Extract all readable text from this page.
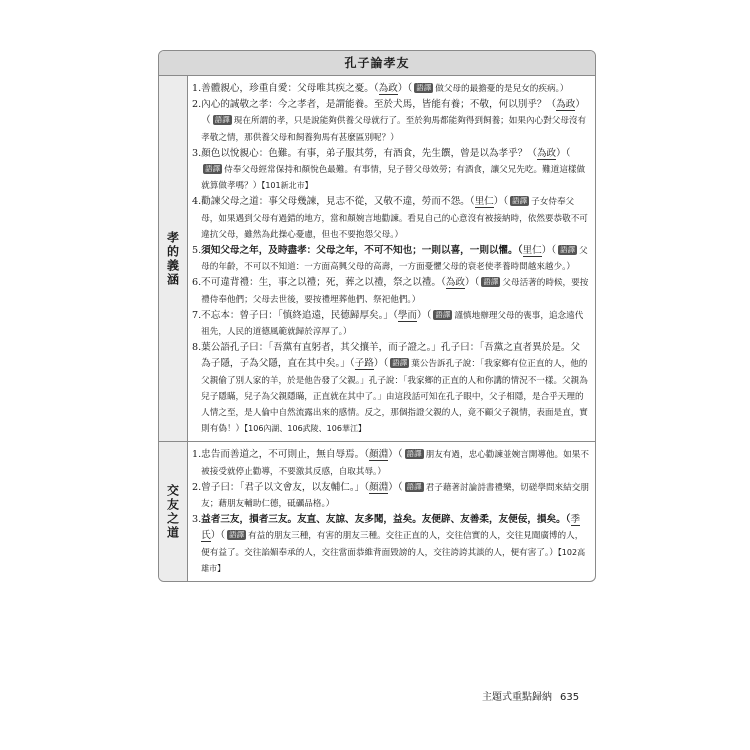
孔子論孝友
孝的義涵
1. 善體親心，珍重自愛：父母唯其疾之憂。（為政）（ 語譯 做父母的最擔憂的是兒女的疾病。）
2. 內心的誠敬之孝：今之孝者，是謂能養。至於犬馬，皆能有養；不敬，何以別乎？（為政）（ 語譯 現在所謂的孝，只是說能夠供養父母就行了。至於狗馬都能夠得到飼養；如果內心對父母沒有孝敬之情，那供養父母和飼養狗馬有甚麼區別呢？）
3. 顏色以悅親心：色難。有事，弟子服其勞，有酒食，先生饌，曾是以為孝乎？（為政）（語譯 侍奉父母經常保持和顏悅色最難。有事情，兒子替父母效勞；有酒食，讓父兄先吃。難道這樣做就算做孝嗎？）【101新北市】
4. 勸諫父母之道：事父母幾諫，見志不從，又敬不違，勞而不怨。（里仁）（ 語譯 子女侍奉父母，如果遇到父母有過錯的地方，當和顏婉言地勸諫。看見自己的心意沒有被接納時，依然要恭敬不可違抗父母，雖然為此操心憂慮，但也不要抱怨父母。）
5. 須知父母之年，及時盡孝：父母之年，不可不知也；一則以喜，一則以懼。（里仁）（ 語譯 父母的年齡，不可以不知道：一方面高興父母的高壽，一方面憂懼父母的衰老使孝養時間越來越少。）
6. 不可違背禮：生，事之以禮；死，葬之以禮，祭之以禮。（為政）（ 語譯 父母活著的時候，要按禮侍奉他們；父母去世後，要按禮埋葬他們、祭祀他們。）
7. 不忘本：曾子曰：「慎終追遠，民德歸厚矣。」（學而）（ 語譯 謹慎地辦理父母的喪事，追念遠代祖先，人民的道德風範就歸於淳厚了。）
8. 葉公語孔子曰：「吾黨有直躬者，其父攘羊，而子證之。」孔子曰：「吾黨之直者異於是。父為子隱，子為父隱，直在其中矣。」（子路）（ 語譯 葉公告訴孔子說：「我家鄉有位正直的人，他的父親偷了別人家的羊，於是他告發了父親。」孔子說：「我家鄉的正直的人和你講的情況不一樣。父親為兒子隱瞞，兒子為父親隱瞞，正直就在其中了。」由這段話可知在孔子眼中，父子相隱，是合乎天理的人情之至，是人倫中自然流露出來的感情。反之，那個指證父親的人，竟不顧父子親情，表面是直，實則有偽！）【106內湖、106武陵、106華江】
交友之道
1. 忠告而善道之，不可則止，無自辱焉。（顏淵）（ 語譯 朋友有過，忠心勸諫並婉言開導他。如果不被接受就停止勸導，不要激其反感，自取其辱。）
2. 曾子曰：「君子以文會友，以友輔仁。」（顏淵）（ 語譯 君子藉著討論詩書禮樂，切磋學問來結交朋友；藉朋友輔助仁德，砥礪品格。）
3. 益者三友，損者三友。友直、友諒、友多聞，益矣。友便辟、友善柔，友便佞，損矣。（季氏）（ 語譯 有益的朋友三種，有害的朋友三種。交往正直的人，交往信實的人，交往見聞廣博的人，便有益了。交往諂媚奉承的人，交往當面恭維背面毀謗的人，交往誇誇其談的人，便有害了。）【102高雄市】
主題式重點歸納 635
